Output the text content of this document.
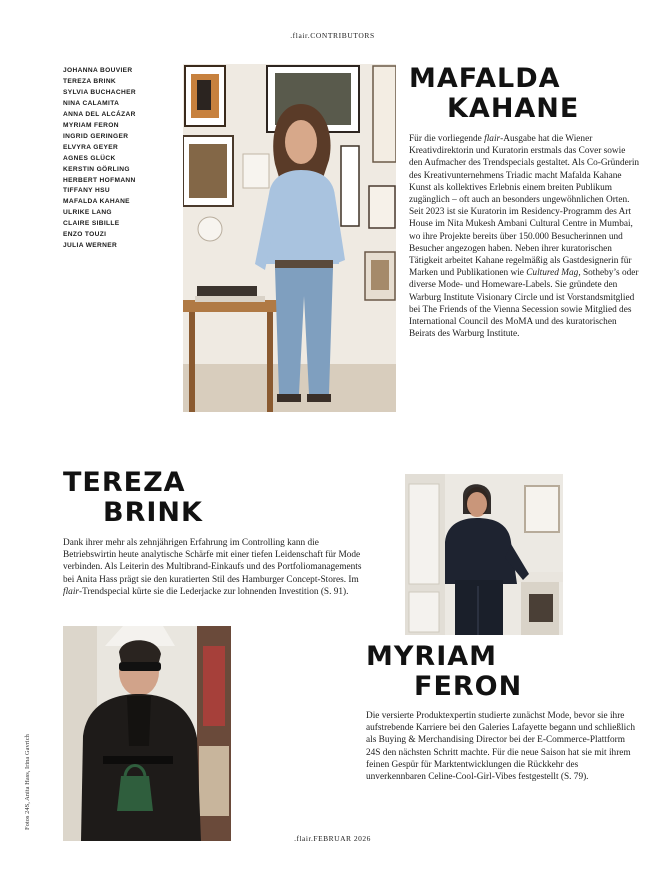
.flair.CONTRIBUTORS
JOHANNA BOUVIER
TEREZA BRINK
SYLVIA BUCHACHER
NINA CALAMITA
ANNA DEL ALCÁZAR
MYRIAM FERON
INGRID GERINGER
ELVYRA GEYER
AGNES GLÜCK
KERSTIN GÖRLING
HERBERT HOFMANN
TIFFANY HSU
MAFALDA KAHANE
ULRIKE LANG
CLAIRE SIBILLE
ENZO TOUZI
JULIA WERNER
MAFALDA
KAHANE

Für die vorliegende flair-Ausgabe hat die Wiener Kreativdirektorin und Kuratorin erstmals das Cover sowie den Aufmacher des Trendspecials gestaltet. Als Co-Gründerin des Kreativunternehmens Triadic macht Mafalda Kahane Kunst als kollektives Erlebnis einem breiten Publikum zugänglich – oft auch an besonders ungewöhnlichen Orten. Seit 2023 ist sie Kuratorin im Residency-Programm des Art House im Nita Mukesh Ambani Cultural Centre in Mumbai, wo ihre Projekte bereits über 150.000 Besucherinnen und Besucher angezogen haben. Neben ihrer kuratorischen Tätigkeit arbeitet Kahane regelmäßig als Gastdesignerin für Marken und Publikationen wie Cultured Mag, Sotheby’s oder diverse Mode- und Homeware-Labels. Sie gründete den Warburg Institute Visionary Circle und ist Vorstandsmitglied bei The Friends of the Vienna Secession sowie Mitglied des International Council des MoMA und des kuratorischen Beirats des Warburg Institute.

TEREZA
BRINK

Dank ihrer mehr als zehnjährigen Erfahrung im Controlling kann die Betriebswirtin heute analytische Schärfe mit einer tiefen Leidenschaft für Mode verbinden. Als Leiterin des Multibrand-Einkaufs und des Portfoliomanagements bei Anita Hass prägt sie den kuratierten Stil des Hamburger Concept-Stores. Im flair-Trendspecial kürte sie die Lederjacke zur lohnenden Investition (S. 91).

MYRIAM
FERON

Die versierte Produktexpertin studierte zunächst Mode, bevor sie ihre aufstrebende Karriere bei den Galeries Lafayette begann und schließlich als Buying & Merchandising Director bei der E-Commerce-Plattform 24S den nächsten Schritt machte. Für die neue Saison hat sie mit ihrem feinen Gespür für Marktentwicklungen die Rückkehr des unverkennbaren Celine-Cool-Girl-Vibes festgestellt (S. 79).

Fotos 24S, Anita Hass, Irina Gavrich
.flair.FEBRUAR 2026
